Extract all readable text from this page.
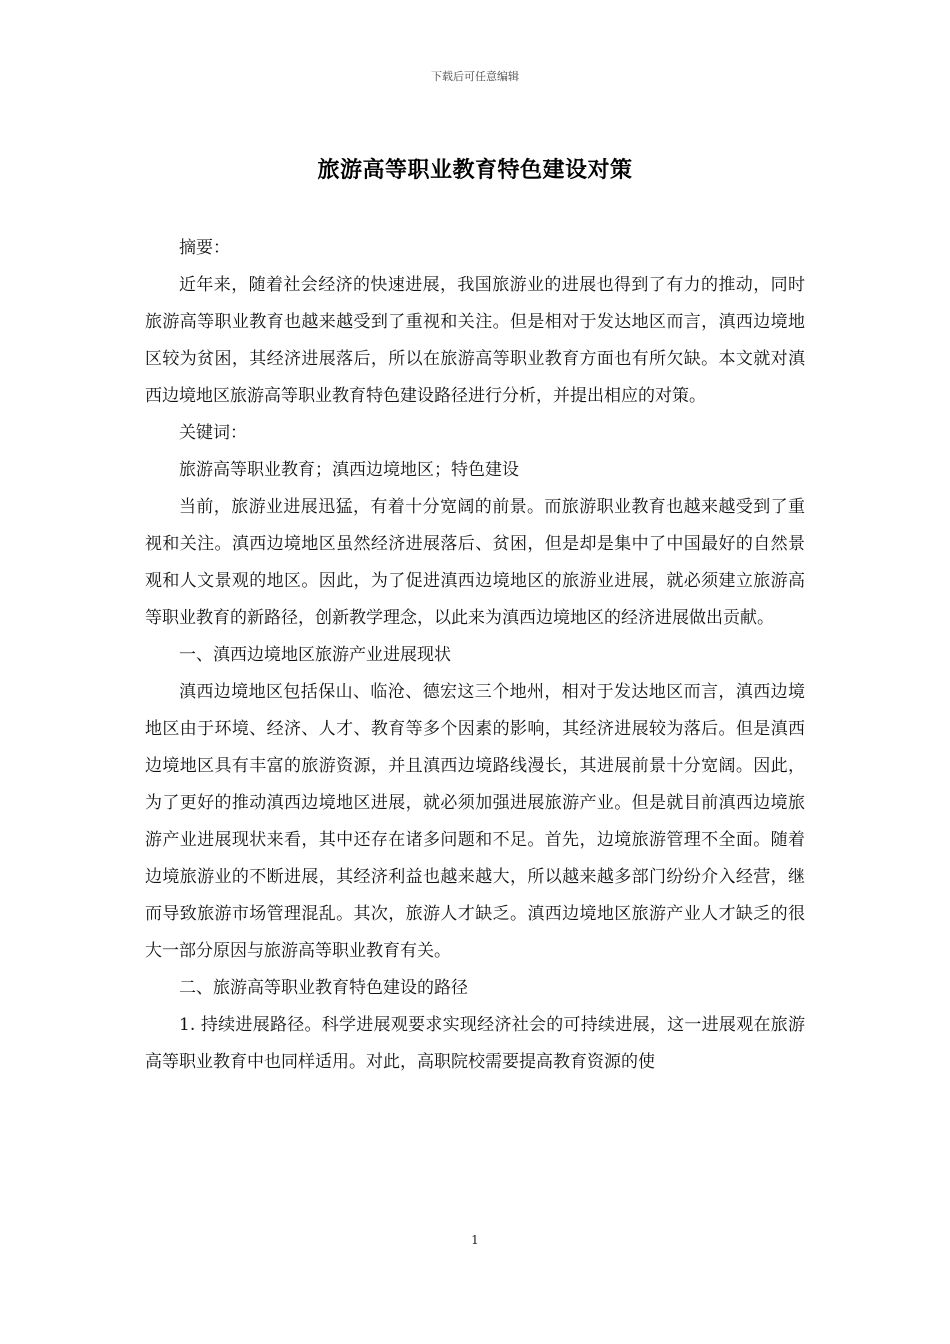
下载后可任意编辑
旅游高等职业教育特色建设对策

摘要：

近年来，随着社会经济的快速进展，我国旅游业的进展也得到了有力的推动，同时旅游高等职业教育也越来越受到了重视和关注。但是相对于发达地区而言，滇西边境地区较为贫困，其经济进展落后，所以在旅游高等职业教育方面也有所欠缺。本文就对滇西边境地区旅游高等职业教育特色建设路径进行分析，并提出相应的对策。

关键词：

旅游高等职业教育；滇西边境地区；特色建设

当前，旅游业进展迅猛，有着十分宽阔的前景。而旅游职业教育也越来越受到了重视和关注。滇西边境地区虽然经济进展落后、贫困，但是却是集中了中国最好的自然景观和人文景观的地区。因此，为了促进滇西边境地区的旅游业进展，就必须建立旅游高等职业教育的新路径，创新教学理念，以此来为滇西边境地区的经济进展做出贡献。

一、滇西边境地区旅游产业进展现状

滇西边境地区包括保山、临沧、德宏这三个地州，相对于发达地区而言，滇西边境地区由于环境、经济、人才、教育等多个因素的影响，其经济进展较为落后。但是滇西边境地区具有丰富的旅游资源，并且滇西边境路线漫长，其进展前景十分宽阔。因此，为了更好的推动滇西边境地区进展，就必须加强进展旅游产业。但是就目前滇西边境旅游产业进展现状来看，其中还存在诸多问题和不足。首先，边境旅游管理不全面。随着边境旅游业的不断进展，其经济利益也越来越大，所以越来越多部门纷纷介入经营，继而导致旅游市场管理混乱。其次，旅游人才缺乏。滇西边境地区旅游产业人才缺乏的很大一部分原因与旅游高等职业教育有关。

二、旅游高等职业教育特色建设的路径

1. 持续进展路径。科学进展观要求实现经济社会的可持续进展，这一进展观在旅游高等职业教育中也同样适用。对此，高职院校需要提高教育资源的使

1
